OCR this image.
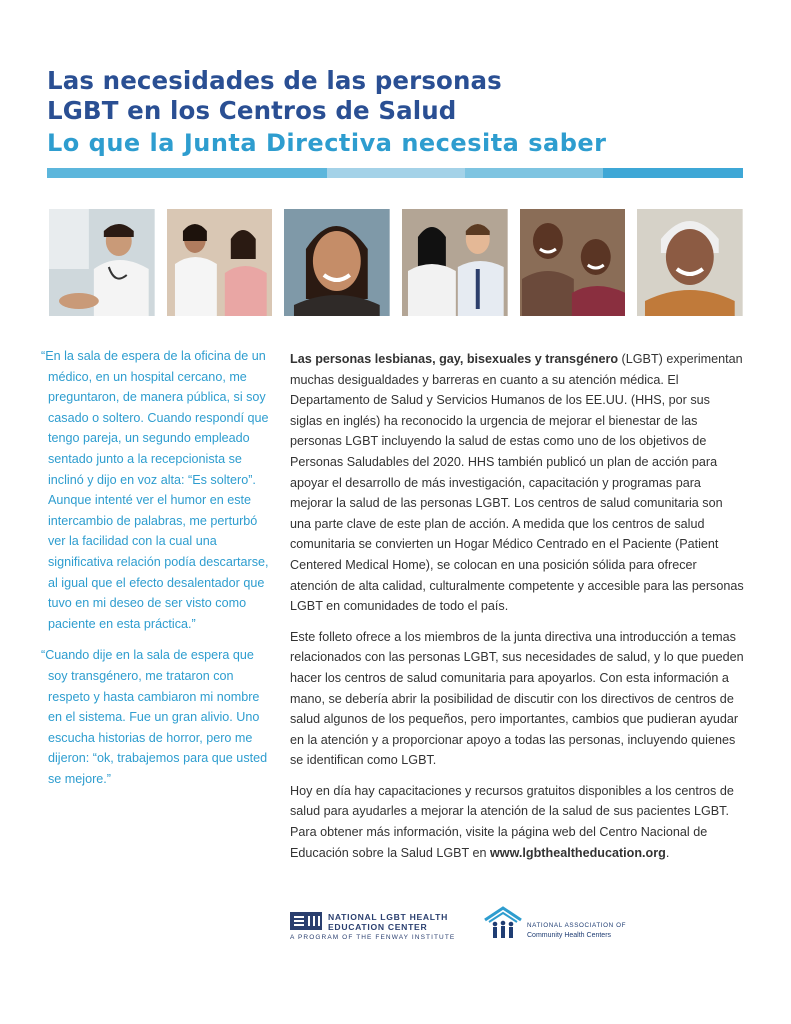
Las necesidades de las personas
LGBT en los Centros de Salud
Lo que la Junta Directiva necesita saber

“En la sala de espera de la oficina de un médico, en un hospital cercano, me preguntaron, de manera pública, si soy casado o soltero. Cuando respondí que tengo pareja, un segundo empleado sentado junto a la recepcionista se inclinó y dijo en voz alta: “Es soltero”. Aunque intenté ver el humor en este intercambio de palabras, me perturbó ver la facilidad con la cual una significativa relación podía descartarse, al igual que el efecto desalentador que tuvo en mi deseo de ser visto como paciente en esta práctica.”

“Cuando dije en la sala de espera que soy transgénero, me trataron con respeto y hasta cambiaron mi nombre en el sistema. Fue un gran alivio. Uno escucha historias de horror, pero me dijeron: “ok, trabajemos para que usted se mejore.”

Las personas lesbianas, gay, bisexuales y transgénero (LGBT) experimentan muchas desigualdades y barreras en cuanto a su atención médica. El Departamento de Salud y Servicios Humanos de los EE.UU. (HHS, por sus siglas en inglés) ha reconocido la urgencia de mejorar el bienestar de las personas LGBT incluyendo la salud de estas como uno de los objetivos de Personas Saludables del 2020. HHS también publicó un plan de acción para apoyar el desarrollo de más investigación, capacitación y programas para mejorar la salud de las personas LGBT. Los centros de salud comunitaria son una parte clave de este plan de acción. A medida que los centros de salud comunitaria se convierten un Hogar Médico Centrado en el Paciente (Patient Centered Medical Home), se colocan en una posición sólida para ofrecer atención de alta calidad, culturalmente competente y accesible para las personas LGBT en comunidades de todo el país.

Este folleto ofrece a los miembros de la junta directiva una introducción a temas relacionados con las personas LGBT, sus necesidades de salud, y lo que pueden hacer los centros de salud comunitaria para apoyarlos. Con esta información a mano, se debería abrir la posibilidad de discutir con los directivos de centros de salud algunos de los pequeños, pero importantes, cambios que pudieran ayudar en la atención y a proporcionar apoyo a todas las personas, incluyendo quienes se identifican como LGBT.

Hoy en día hay capacitaciones y recursos gratuitos disponibles a los centros de salud para ayudarles a mejorar la atención de la salud de sus pacientes LGBT. Para obtener más información, visite la página web del Centro Nacional de Educación sobre la Salud LGBT en www.lgbthealtheducation.org.

NATIONAL LGBT HEALTH
EDUCATION CENTER
A PROGRAM OF THE FENWAY INSTITUTE
NATIONAL ASSOCIATION OF
Community Health Centers
